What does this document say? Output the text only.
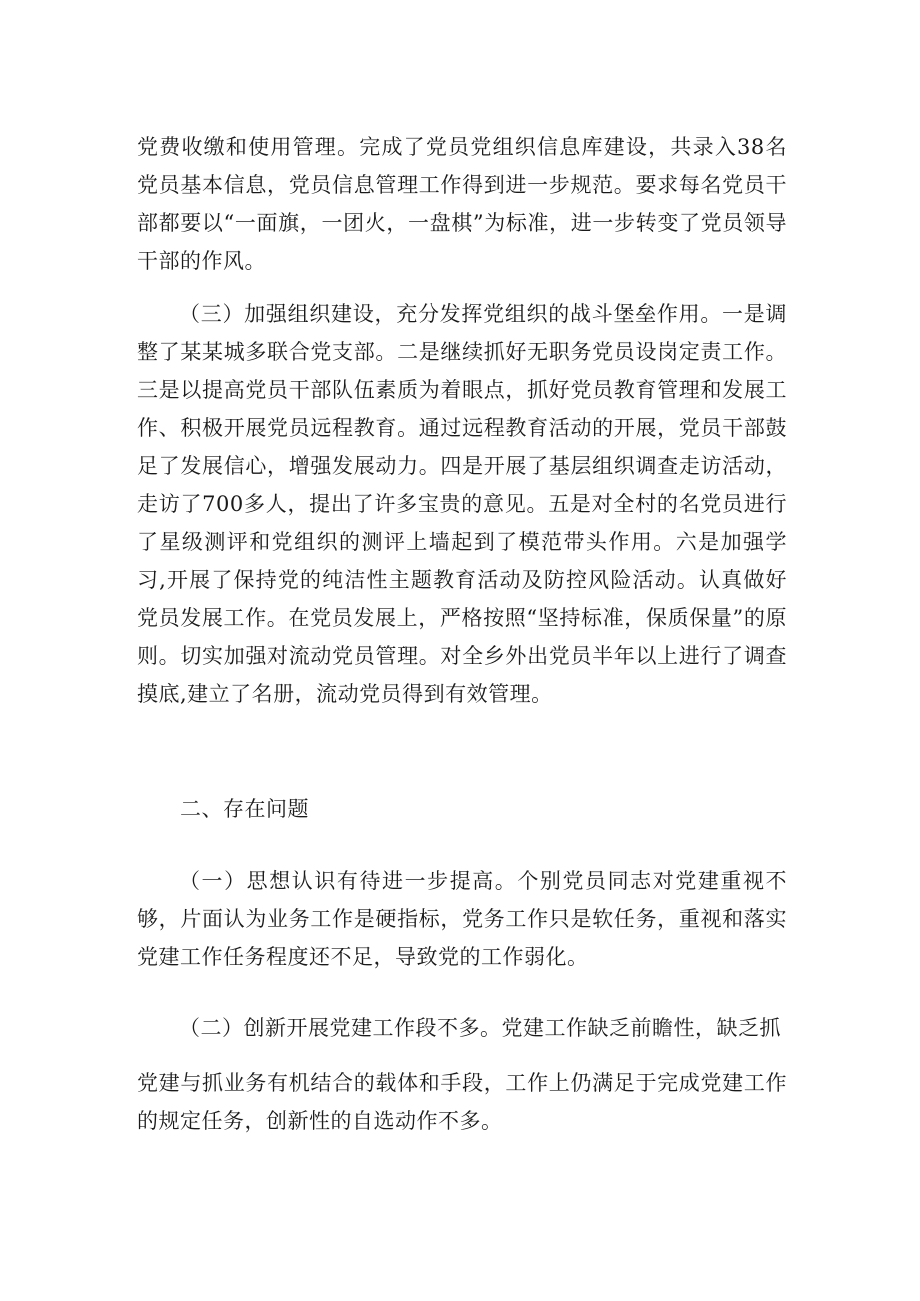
党费收缴和使用管理。完成了党员党组织信息库建设，共录入38名党员基本信息，党员信息管理工作得到进一步规范。要求每名党员干部都要以“一面旗，一团火，一盘棋”为标准，进一步转变了党员领导干部的作风。

（三）加强组织建设，充分发挥党组织的战斗堡垒作用。一是调整了某某城多联合党支部。二是继续抓好无职务党员设岗定责工作。三是以提高党员干部队伍素质为着眼点，抓好党员教育管理和发展工作、积极开展党员远程教育。通过远程教育活动的开展，党员干部鼓足了发展信心，增强发展动力。四是开展了基层组织调查走访活动，走访了700多人，提出了许多宝贵的意见。五是对全村的名党员进行了星级测评和党组织的测评上墙起到了模范带头作用。六是加强学习,开展了保持党的纯洁性主题教育活动及防控风险活动。认真做好党员发展工作。在党员发展上，严格按照“坚持标准，保质保量”的原则。切实加强对流动党员管理。对全乡外出党员半年以上进行了调查摸底,建立了名册，流动党员得到有效管理。

二、存在问题

（一）思想认识有待进一步提高。个别党员同志对党建重视不够，片面认为业务工作是硬指标，党务工作只是软任务，重视和落实党建工作任务程度还不足，导致党的工作弱化。

（二）创新开展党建工作段不多。党建工作缺乏前瞻性，缺乏抓

党建与抓业务有机结合的载体和手段，工作上仍满足于完成党建工作的规定任务，创新性的自选动作不多。
